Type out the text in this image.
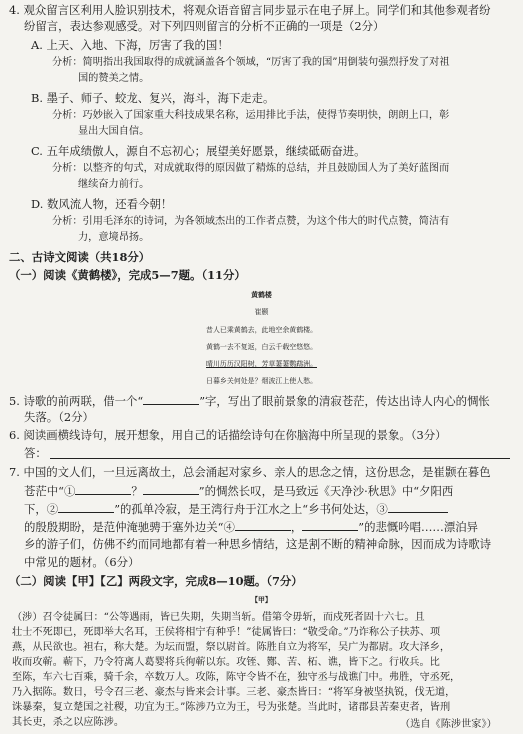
4. 观众留言区利用人脸识别技术，将观众语音留言同步显示在电子屏上。同学们和其他参观者纷
纷留言，表达参观感受。对下列四则留言的分析不正确的一项是（2分）
A. 上天、入地、下海，厉害了我的国！
分析：简明指出我国取得的成就涵盖各个领域，“厉害了我的国”用倒装句强烈抒发了对祖
国的赞美之情。
B. 墨子、师子、蛟龙、复兴，海斗，海下走走。
分析：巧妙嵌入了国家重大科技成果名称，运用排比手法，使得节奏明快，朗朗上口，彰
显出大国自信。
C. 五年成绩傲人，源自不忘初心；展望美好愿景，继续砥砺奋进。
分析：以整齐的句式，对成就取得的原因做了精炼的总结，并且鼓励国人为了美好蓝图而
继续奋力前行。
D. 数风流人物，还看今朝！
分析：引用毛泽东的诗词，为各领域杰出的工作者点赞，为这个伟大的时代点赞，简洁有
力，意境昂扬。
二、古诗文阅读（共18分）
（一）阅读《黄鹤楼》，完成5—7题。（11分）
黄鹤楼
崔颢
昔人已乘黄鹤去，此地空余黄鹤楼。
黄鹤一去不复返，白云千载空悠悠。
晴川历历汉阳树，芳草萋萋鹦鹉洲。
日暮乡关何处是？烟波江上使人愁。
5. 诗歌的前两联，借一个“	”字，写出了眼前景象的清寂苍茫，传达出诗人内心的惆怅
失落。（2分）
6. 阅读画横线诗句，展开想象，用自己的话描绘诗句在你脑海中所呈现的景象。（3分）
答：
7. 中国的文人们，一旦远离故土，总会涌起对家乡、亲人的思念之情，这份思念，是崔颢在暮色
苍茫中“①	？	”的惆然长叹，是马致远《天净沙·秋思》中“夕阳西
下，②	”的孤单冷寂，是王湾行舟于江水之上“乡书何处达，③
的殷殷期盼，是范仲淹驰骋于塞外边关“④	，	”的悲慨吟唱……漂泊异
乡的游子们，仿佛不约而同地都有着一种思乡情结，这是割不断的精神命脉，因而成为诗歌诗
中常见的题材。（6分）
（二）阅读【甲】【乙】两段文字，完成8—10题。（7分）
【甲】
（涉）召令徒属曰：“公等遇雨，皆已失期，失期当斩。借第令毋斩，而戍死者固十六七。且
壮士不死即已，死即举大名耳，王侯将相宁有种乎！”徒属皆曰：“敬受命。”乃诈称公子扶苏、项
燕，从民欲也。袒右，称大楚。为坛而盟，祭以尉首。陈胜自立为将军，吴广为都尉。攻大泽乡，
收而攻蕲。蕲下，乃令符离人葛婴将兵徇蕲以东。攻铚、酂、苦、柘、谯，皆下之。行收兵。比
至陈，车六七百乘，骑千余，卒数万人。攻陈，陈守令皆不在，独守丞与战谯门中。弗胜，守丞死，
乃入据陈。数日，号令召三老、豪杰与皆来会计事。三老、豪杰皆曰：“将军身被坚执锐，伐无道，
诛暴秦，复立楚国之社稷，功宜为王。”陈涉乃立为王，号为张楚。当此时，诸郡县苦秦吏者，皆刑
其长吏，杀之以应陈涉。	（选自《陈涉世家》）
